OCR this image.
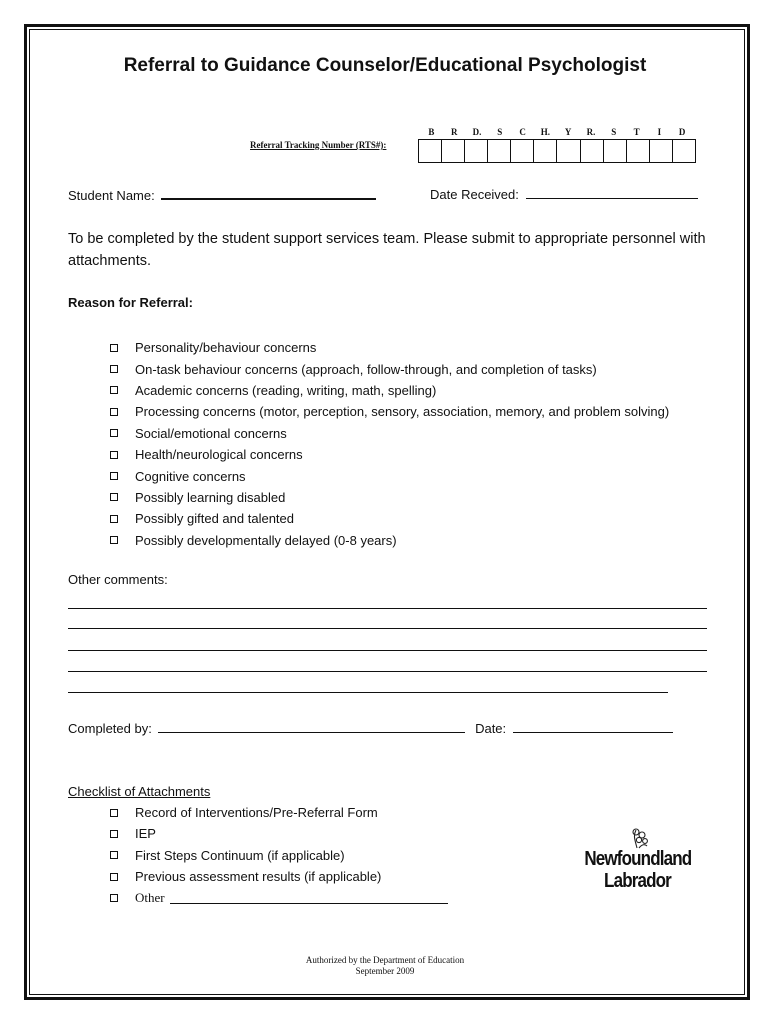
Referral to Guidance Counselor/Educational Psychologist
B	R	D.	S	C	H.	Y	R.	S	T	I	D
Referral Tracking Number (RTS#):
Student Name:	Date Received:
To be completed by the student support services team. Please submit to appropriate personnel with attachments.
Reason for Referral:
Personality/behaviour concerns
On-task behaviour concerns (approach, follow-through, and completion of tasks)
Academic concerns (reading, writing, math, spelling)
Processing concerns (motor, perception, sensory, association, memory, and problem solving)
Social/emotional concerns
Health/neurological concerns
Cognitive concerns
Possibly learning disabled
Possibly gifted and talented
Possibly developmentally delayed (0-8 years)
Other comments:
Completed by:	Date:
Checklist of Attachments
Record of Interventions/Pre-Referral Form
IEP
First Steps Continuum (if applicable)
Previous assessment results (if applicable)
Other
Newfoundland
Labrador
Authorized by the Department of Education
September 2009
